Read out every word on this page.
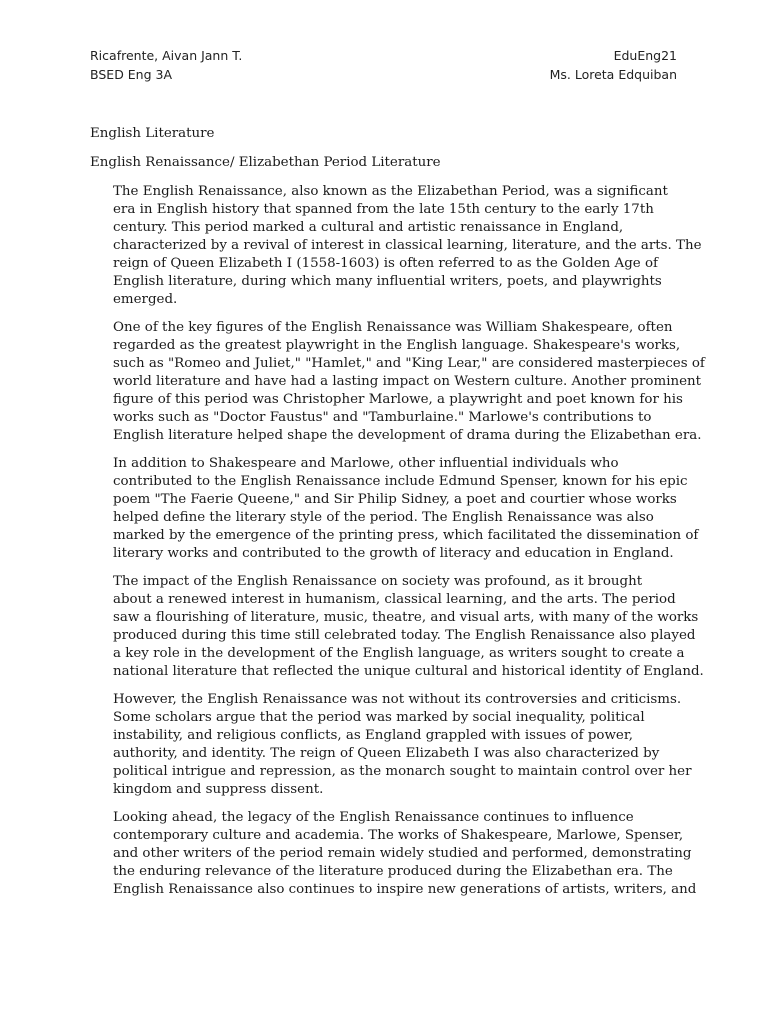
Ricafrente, Aivan Jann T.	EduEng21
BSED Eng 3A	Ms. Loreta Edquiban
English Literature
English Renaissance/ Elizabethan Period Literature
The English Renaissance, also known as the Elizabethan Period, was a significant
era in English history that spanned from the late 15th century to the early 17th
century. This period marked a cultural and artistic renaissance in England,
characterized by a revival of interest in classical learning, literature, and the arts. The
reign of Queen Elizabeth I (1558-1603) is often referred to as the Golden Age of
English literature, during which many influential writers, poets, and playwrights
emerged.
One of the key figures of the English Renaissance was William Shakespeare, often
regarded as the greatest playwright in the English language. Shakespeare's works,
such as "Romeo and Juliet," "Hamlet," and "King Lear," are considered masterpieces of
world literature and have had a lasting impact on Western culture. Another prominent
figure of this period was Christopher Marlowe, a playwright and poet known for his
works such as "Doctor Faustus" and "Tamburlaine." Marlowe's contributions to
English literature helped shape the development of drama during the Elizabethan era.
In addition to Shakespeare and Marlowe, other influential individuals who
contributed to the English Renaissance include Edmund Spenser, known for his epic
poem "The Faerie Queene," and Sir Philip Sidney, a poet and courtier whose works
helped define the literary style of the period. The English Renaissance was also
marked by the emergence of the printing press, which facilitated the dissemination of
literary works and contributed to the growth of literacy and education in England.
The impact of the English Renaissance on society was profound, as it brought
about a renewed interest in humanism, classical learning, and the arts. The period
saw a flourishing of literature, music, theatre, and visual arts, with many of the works
produced during this time still celebrated today. The English Renaissance also played
a key role in the development of the English language, as writers sought to create a
national literature that reflected the unique cultural and historical identity of England.
However, the English Renaissance was not without its controversies and criticisms.
Some scholars argue that the period was marked by social inequality, political
instability, and religious conflicts, as England grappled with issues of power,
authority, and identity. The reign of Queen Elizabeth I was also characterized by
political intrigue and repression, as the monarch sought to maintain control over her
kingdom and suppress dissent.
Looking ahead, the legacy of the English Renaissance continues to influence
contemporary culture and academia. The works of Shakespeare, Marlowe, Spenser,
and other writers of the period remain widely studied and performed, demonstrating
the enduring relevance of the literature produced during the Elizabethan era. The
English Renaissance also continues to inspire new generations of artists, writers, and
